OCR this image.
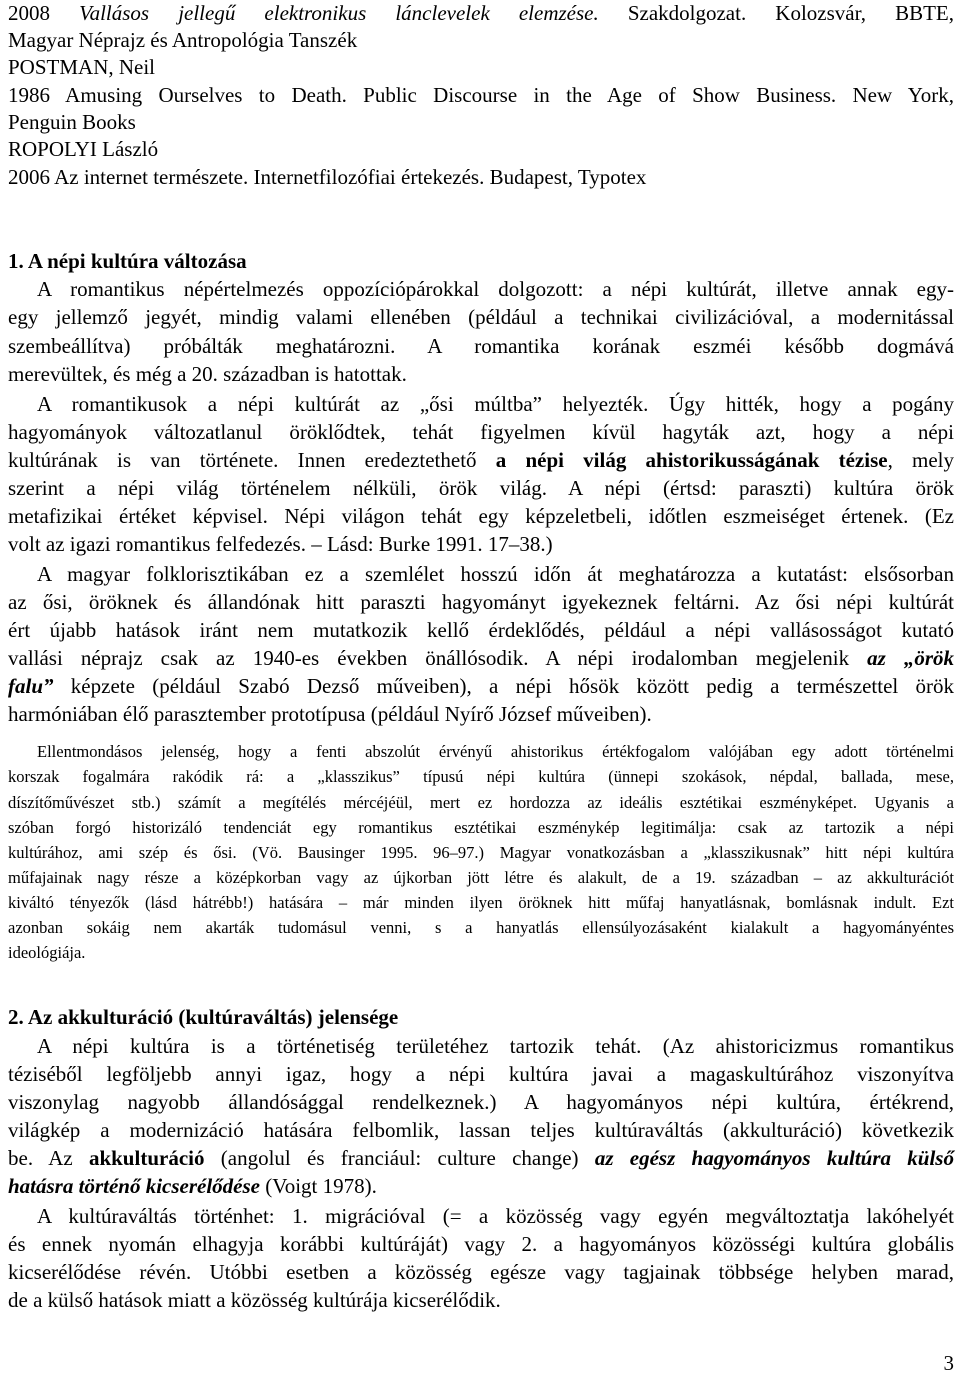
2008 Vallásos jellegű elektronikus lánclevelek elemzése. Szakdolgozat. Kolozsvár, BBTE,
Magyar Néprajz és Antropológia Tanszék
POSTMAN, Neil
1986 Amusing Ourselves to Death. Public Discourse in the Age of Show Business. New York,
Penguin Books
ROPOLYI László
2006 Az internet természete. Internetfilozófiai értekezés. Budapest, Typotex
1. A népi kultúra változása
A romantikus népértelmezés oppozíciópárokkal dolgozott: a népi kultúrát, illetve annak egy-
egy jellemző jegyét, mindig valami ellenében (például a technikai civilizációval, a modernitással
szembeállítva) próbálták meghatározni. A romantika korának eszméi később dogmává
merevültek, és még a 20. században is hatottak.
A romantikusok a népi kultúrát az „ősi múltba” helyezték. Úgy hitték, hogy a pogány
hagyományok változatlanul öröklődtek, tehát figyelmen kívül hagyták azt, hogy a népi
kultúrának is van története. Innen eredeztethető a népi világ ahistorikusságának tézise, mely
szerint a népi világ történelem nélküli, örök világ. A népi (értsd: paraszti) kultúra örök
metafizikai értéket képvisel. Népi világon tehát egy képzeletbeli, időtlen eszmeiséget értenek. (Ez
volt az igazi romantikus felfedezés. – Lásd: Burke 1991. 17–38.)
A magyar folklorisztikában ez a szemlélet hosszú időn át meghatározza a kutatást: elsősorban
az ősi, öröknek és állandónak hitt paraszti hagyományt igyekeznek feltárni. Az ősi népi kultúrát
ért újabb hatások iránt nem mutatkozik kellő érdeklődés, például a népi vallásosságot kutató
vallási néprajz csak az 1940-es években önállósodik. A népi irodalomban megjelenik az „örök
falu” képzete (például Szabó Dezső műveiben), a népi hősök között pedig a természettel örök
harmóniában élő parasztember prototípusa (például Nyírő József műveiben).
Ellentmondásos jelenség, hogy a fenti abszolút érvényű ahistorikus értékfogalom valójában egy adott történelmi
korszak fogalmára rakódik rá: a „klasszikus” típusú népi kultúra (ünnepi szokások, népdal, ballada, mese,
díszítőművészet stb.) számít a megítélés mércéjéül, mert ez hordozza az ideális esztétikai eszményképet. Ugyanis a
szóban forgó historizáló tendenciát egy romantikus esztétikai eszménykép legitimálja: csak az tartozik a népi
kultúrához, ami szép és ősi. (Vö. Bausinger 1995. 96–97.) Magyar vonatkozásban a „klasszikusnak” hitt népi kultúra
műfajainak nagy része a középkorban vagy az újkorban jött létre és alakult, de a 19. században – az akkulturációt
kiváltó tényezők (lásd hátrébb!) hatására – már minden ilyen öröknek hitt műfaj hanyatlásnak, bomlásnak indult. Ezt
azonban sokáig nem akarták tudomásul venni, s a hanyatlás ellensúlyozásaként kialakult a hagyományéntes
ideológiája.
2. Az akkulturáció (kultúraváltás) jelensége
A népi kultúra is a történetiség területéhez tartozik tehát. (Az ahistoricizmus romantikus
téziséből legföljebb annyi igaz, hogy a népi kultúra javai a magaskultúrához viszonyítva
viszonylag nagyobb állandósággal rendelkeznek.) A hagyományos népi kultúra, értékrend,
világkép a modernizáció hatására felbomlik, lassan teljes kultúraváltás (akkulturáció) következik
be. Az akkulturáció (angolul és franciául: culture change) az egész hagyományos kultúra külső
hatásra történő kicserélődése (Voigt 1978).
A kultúraváltás történhet: 1. migrációval (= a közösség vagy egyén megváltoztatja lakóhelyét
és ennek nyomán elhagyja korábbi kultúráját) vagy 2. a hagyományos közösségi kultúra globális
kicserélődése révén. Utóbbi esetben a közösség egésze vagy tagjainak többsége helyben marad,
de a külső hatások miatt a közösség kultúrája kicserélődik.
3
